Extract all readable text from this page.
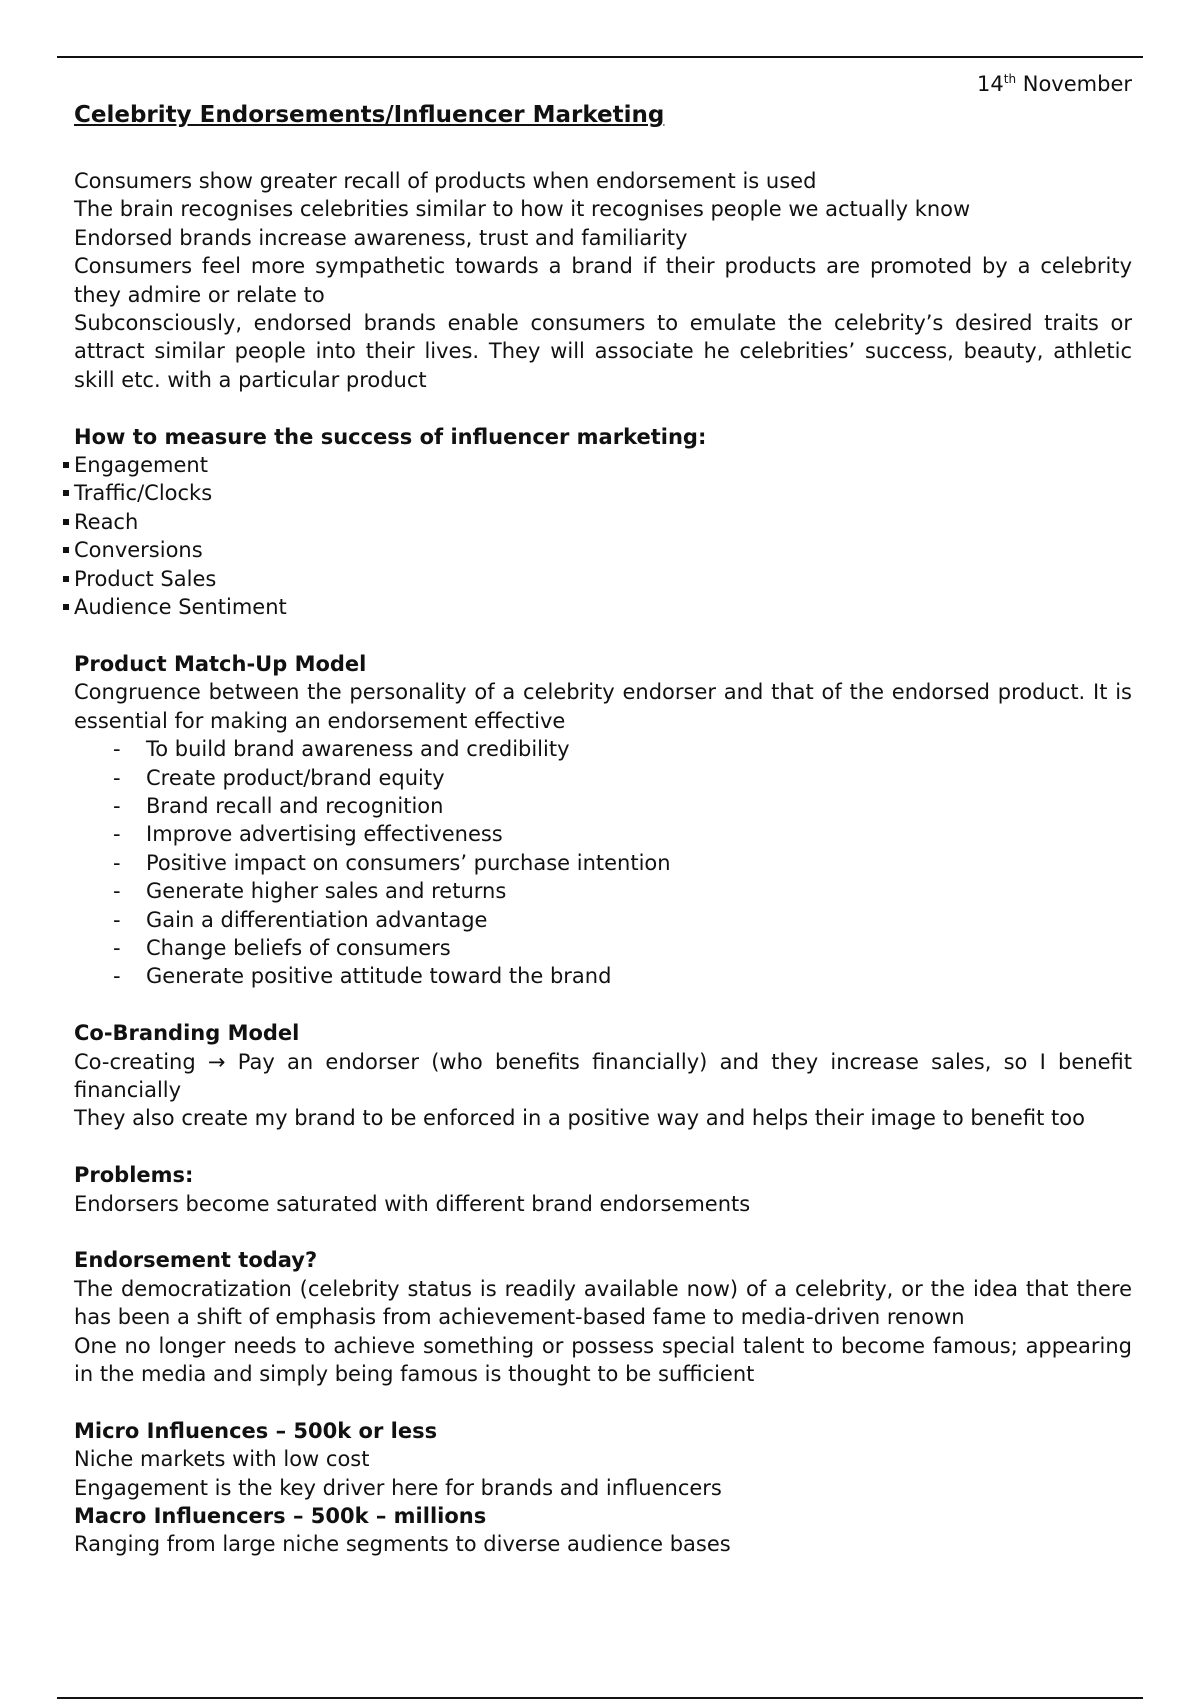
14th November
Celebrity Endorsements/Influencer Marketing

Consumers show greater recall of products when endorsement is used

The brain recognises celebrities similar to how it recognises people we actually know

Endorsed brands increase awareness, trust and familiarity

Consumers feel more sympathetic towards a brand if their products are promoted by a celebrity they admire or relate to

Subconsciously, endorsed brands enable consumers to emulate the celebrity’s desired traits or attract similar people into their lives. They will associate he celebrities’ success, beauty, athletic skill etc. with a particular product

How to measure the success of influencer marketing:

Engagement
Traffic/Clocks
Reach
Conversions
Product Sales
Audience Sentiment

Product Match-Up Model

Congruence between the personality of a celebrity endorser and that of the endorsed product. It is essential for making an endorsement effective

- To build brand awareness and credibility
- Create product/brand equity
- Brand recall and recognition
- Improve advertising effectiveness
- Positive impact on consumers’ purchase intention
- Generate higher sales and returns
- Gain a differentiation advantage
- Change beliefs of consumers
- Generate positive attitude toward the brand

Co-Branding Model

Co-creating → Pay an endorser (who benefits financially) and they increase sales, so I benefit financially

They also create my brand to be enforced in a positive way and helps their image to benefit too

Problems:

Endorsers become saturated with different brand endorsements

Endorsement today?

The democratization (celebrity status is readily available now) of a celebrity, or the idea that there has been a shift of emphasis from achievement-based fame to media-driven renown

One no longer needs to achieve something or possess special talent to become famous; appearing in the media and simply being famous is thought to be sufficient

Micro Influences – 500k or less

Niche markets with low cost

Engagement is the key driver here for brands and influencers

Macro Influencers – 500k – millions

Ranging from large niche segments to diverse audience bases
